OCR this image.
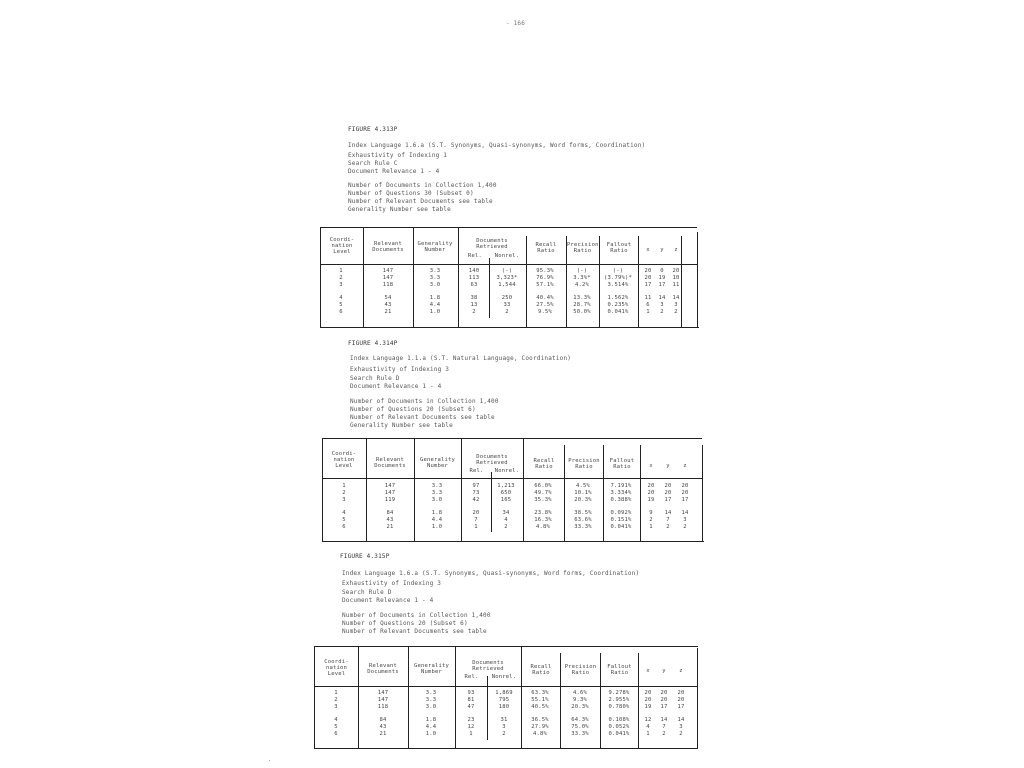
- 166
FIGURE 4.313P
Index Language 1.6.a (S.T. Synonyms, Quasi-synonyms, Word forms, Coordination)
Exhaustivity of Indexing 1
Search Rule C
Document Relevance 1 - 4
Number of Documents in Collection 1,400
Number of Questions 30 (Subset 0)
Number of Relevant Documents see table
Generality Number see table
Coordi-
nation
Level
Relevant
Documents
Generality
Number
Documents
Retrieved
Rel.	Nonrel.
Recall
Ratio
Precision
Ratio
Fallout
Ratio	x	y	z
1	147	3.3	140	(-)	95.3%	(-)	(-)	20	0	20
2	147	3.3	113	3,323*	76.9%	3.3%*	(3.79%)*	20	19	10
3	118	3.0	63	1,544	57.1%	4.2%	3.514%	17	17	11
4	54	1.8	38	250	40.4%	13.3%	1.562%	11	14	14
5	43	4.4	13	33	27.5%	28.7%	0.235%	6	3	3
6	21	1.0	2	2	9.5%	50.0%	0.041%	1	2	2
FIGURE 4.314P
Index Language 1.1.a (S.T. Natural Language, Coordination)
Exhaustivity of Indexing 3
Search Rule D
Document Relevance 1 - 4
Number of Documents in Collection 1,400
Number of Questions 20 (Subset 6)
Number of Relevant Documents see table
Generality Number see table
Coordi-
nation
Level
Relevant
Documents
Generality
Number
Documents
Retrieved
Rel.	Nonrel.
Recall
Ratio
Precision
Ratio
Fallout
Ratio	x	y	z
1	147	3.3	97	1,213	66.0%	4.5%	7.191%	20	20	20
2	147	3.3	73	650	49.7%	10.1%	3.334%	20	20	20
3	119	3.0	42	165	35.3%	20.3%	0.388%	19	17	17
4	84	1.8	20	34	23.8%	38.5%	0.092%	9	14	14
5	43	4.4	7	4	16.3%	63.6%	0.151%	2	7	3
6	21	1.0	1	2	4.8%	33.3%	0.041%	1	2	2
FIGURE 4.315P
Index Language 1.6.a (S.T. Synonyms, Quasi-synonyms, Word forms, Coordination)
Exhaustivity of Indexing 3
Search Rule D
Document Relevance 1 - 4
Number of Documents in Collection 1,400
Number of Questions 20 (Subset 6)
Number of Relevant Documents see table
Coordi-
nation
Level
Relevant
Documents
Generality
Number
Documents
Retrieved
Rel.	Nonrel.
Recall
Ratio
Precision
Ratio
Fallout
Ratio	x	y	z
1	147	3.3	93	1,869	63.3%	4.6%	9.278%	20	20	20
2	147	3.3	81	795	55.1%	9.3%	2.955%	20	20	20
3	118	3.0	47	180	40.5%	20.3%	0.780%	19	17	17
4	84	1.8	23	31	36.5%	64.3%	0.108%	12	14	14
5	43	4.4	12	3	27.9%	75.0%	0.052%	4	7	3
6	21	1.0	1	2	4.8%	33.3%	0.041%	1	2	2
.
